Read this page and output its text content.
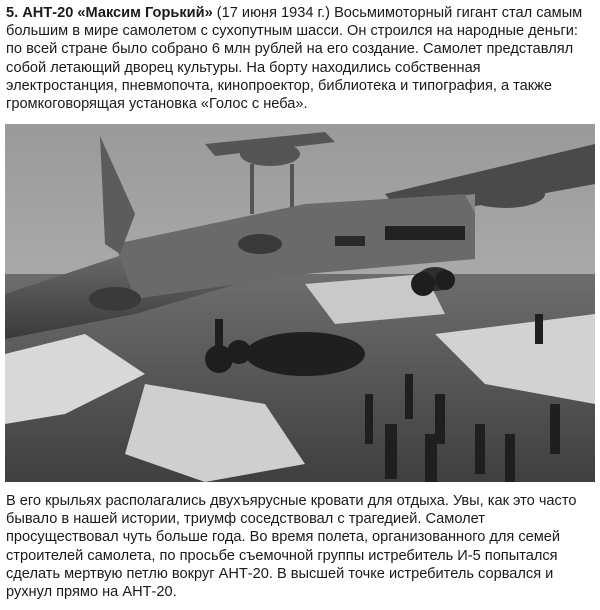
5. АНТ-20 «Максим Горький» (17 июня 1934 г.) Восьмимоторный гигант стал самым большим в мире самолетом с сухопутным шасси. Он строился на народные деньги: по всей стране было собрано 6 млн рублей на его создание. Самолет представлял собой летающий дворец культуры. На борту находились собственная электростанция, пневмопочта, кинопроектор, библиотека и типография, а также громкоговорящая установка «Голос с неба».
В его крыльях располагались двухъярусные кровати для отдыха. Увы, как это часто бывало в нашей истории, триумф соседствовал с трагедией. Самолет просуществовал чуть больше года. Во время полета, организованного для семей строителей самолета, по просьбе съемочной группы истребитель И-5 попытался сделать мертвую петлю вокруг АНТ-20. В высшей точке истребитель сорвался и рухнул прямо на АНТ-20.
